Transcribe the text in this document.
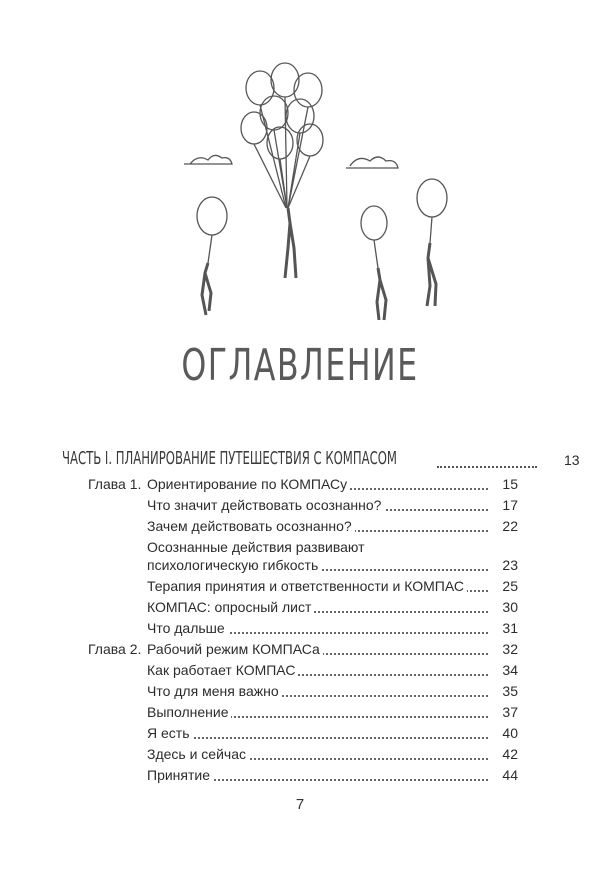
ОГЛАВЛЕНИЕ
ЧАСТЬ I. ПЛАНИРОВАНИЕ ПУТЕШЕСТВИЯ С КОМПАСОМ	13
Глава 1. Ориентирование по КОМПАСу	15
Что значит действовать осознанно?	17
Зачем действовать осознанно?	22
Осознанные действия развивают
психологическую гибкость	23
Терапия принятия и ответственности и КОМПАС	25
КОМПАС: опросный лист	30
Что дальше	31
Глава 2. Рабочий режим КОМПАСа	32
Как работает КОМПАС	34
Что для меня важно	35
Выполнение	37
Я есть	40
Здесь и сейчас	42
Принятие	44
7
